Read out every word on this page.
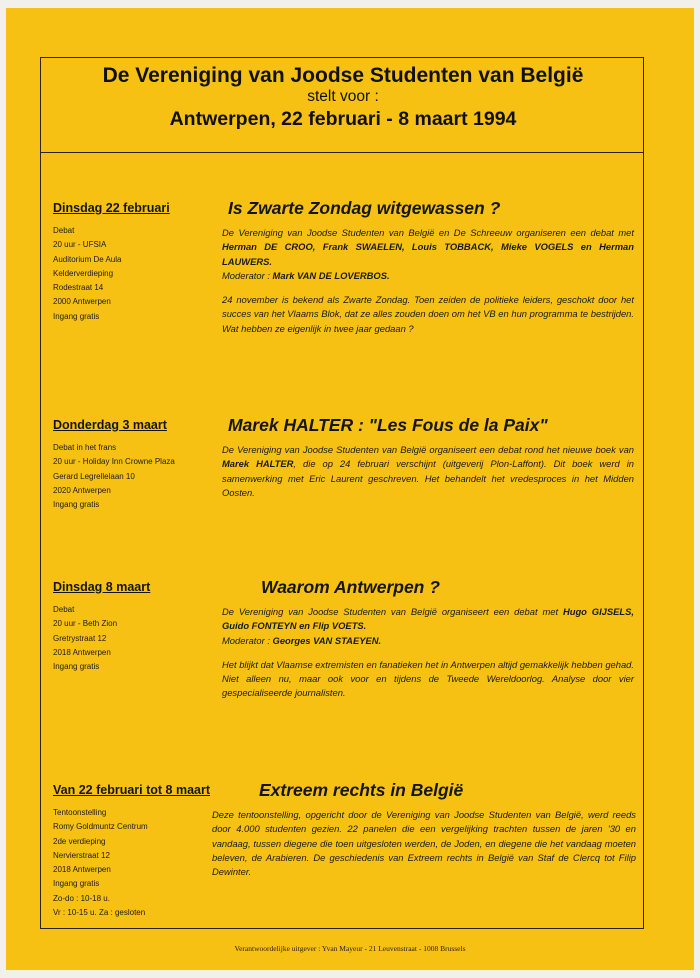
De Vereniging van Joodse Studenten van België
stelt voor :
Antwerpen, 22 februari - 8 maart 1994
Dinsdag 22 februari	Is Zwarte Zondag witgewassen ?
Debat
20 uur - UFSIA
Auditorium De Aula
Kelderverdieping
Rodestraat 14
2000 Antwerpen
Ingang gratis
De Vereniging van Joodse Studenten van België en De Schreeuw organiseren een debat met Herman DE CROO, Frank SWAELEN, Louis TOBBACK, Mieke VOGELS en Herman LAUWERS.
Moderator : Mark VAN DE LOVERBOS.
24 november is bekend als Zwarte Zondag. Toen zeiden de politieke leiders, geschokt door het succes van het Vlaams Blok, dat ze alles zouden doen om het VB en hun programma te bestrijden. Wat hebben ze eigenlijk in twee jaar gedaan ?
Donderdag 3 maart	Marek HALTER : "Les Fous de la Paix"
Debat in het frans
20 uur - Holiday Inn Crowne Plaza
Gerard Legrellelaan 10
2020 Antwerpen
Ingang gratis
De Vereniging van Joodse Studenten van België organiseert een debat rond het nieuwe boek van Marek HALTER, die op 24 februari verschijnt (uitgeverij Plon-Laffont). Dit boek werd in samenwerking met Eric Laurent geschreven. Het behandelt het vredesproces in het Midden Oosten.
Dinsdag 8 maart	Waarom Antwerpen ?
Debat
20 uur - Beth Zion
Gretrystraat 12
2018 Antwerpen
Ingang gratis
De Vereniging van Joodse Studenten van België organiseert een debat met Hugo GIJSELS, Guido FONTEYN en Flip VOETS.
Moderator : Georges VAN STAEYEN.
Het blijkt dat Vlaamse extremisten en fanatieken het in Antwerpen altijd gemakkelijk hebben gehad. Niet alleen nu, maar ook voor en tijdens de Tweede Wereldoorlog. Analyse door vier gespecialiseerde journalisten.
Van 22 februari tot 8 maart	Extreem rechts in België
Tentoonstelling
Romy Goldmuntz Centrum
2de verdieping
Nervierstraat 12
2018 Antwerpen
Ingang gratis
Zo-do : 10-18 u.
Vr : 10-15 u. Za : gesloten
Deze tentoonstelling, opgericht door de Vereniging van Joodse Studenten van België, werd reeds door 4.000 studenten gezien. 22 panelen die een vergelijking trachten tussen de jaren '30 en vandaag, tussen diegene die toen uitgesloten werden, de Joden, en diegene die het vandaag moeten beleven, de Arabieren. De geschiedenis van Extreem rechts in België van Staf de Clercq tot Filip Dewinter.
Verantwoordelijke uitgever : Yvan Mayeur - 21 Leuvenstraat - 1008 Brussels
